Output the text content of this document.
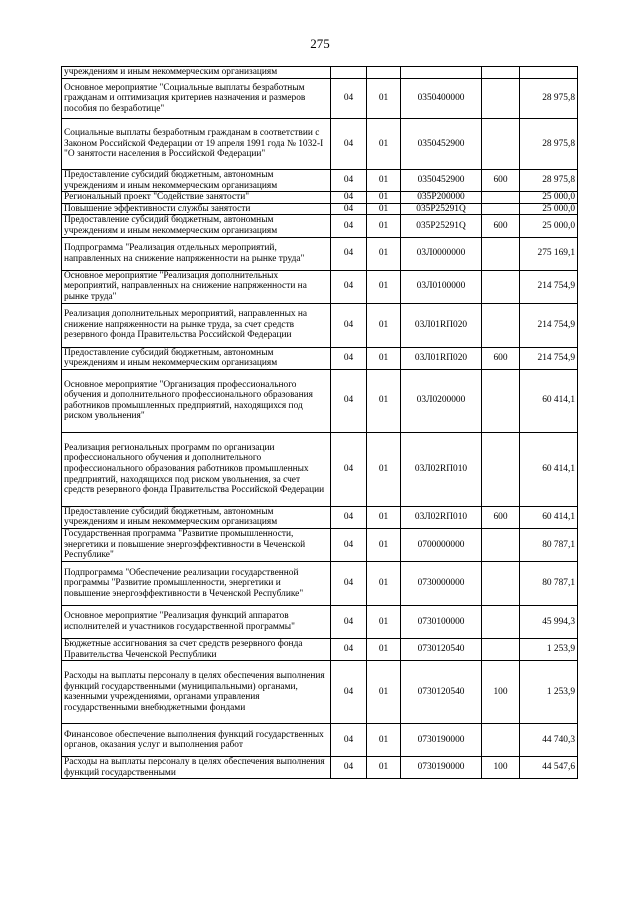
275
учреждениям и иным некоммерческим организациям					
Основное мероприятие "Социальные выплаты безработным гражданам и оптимизация критериев назначения и размеров пособия по безработице"	04	01	0350400000		28 975,8
Социальные выплаты безработным гражданам в соответствии с Законом Российской Федерации от 19 апреля 1991 года № 1032-I "О занятости населения в Российской Федерации"	04	01	0350452900		28 975,8
Предоставление субсидий бюджетным, автономным учреждениям и иным некоммерческим организациям	04	01	0350452900	600	28 975,8
Региональный проект "Содействие занятости"	04	01	035P200000		25 000,0
Повышение эффективности службы занятости	04	01	035P25291Q		25 000,0
Предоставление субсидий бюджетным, автономным учреждениям и иным некоммерческим организациям	04	01	035P25291Q	600	25 000,0
Подпрограмма "Реализация отдельных мероприятий, направленных на снижение напряженности на рынке труда"	04	01	03Л0000000		275 169,1
Основное мероприятие "Реализация дополнительных мероприятий, направленных на снижение напряженности на рынке труда"	04	01	03Л0100000		214 754,9
Реализация дополнительных мероприятий, направленных на снижение напряженности на рынке труда, за счет средств резервного фонда Правительства Российской Федерации	04	01	03Л01RП020		214 754,9
Предоставление субсидий бюджетным, автономным учреждениям и иным некоммерческим организациям	04	01	03Л01RП020	600	214 754,9
Основное мероприятие "Организация профессионального обучения и дополнительного профессионального образования работников промышленных предприятий, находящихся под риском увольнения"	04	01	03Л0200000		60 414,1
Реализация региональных программ по организации профессионального обучения и дополнительного профессионального образования работников промышленных предприятий, находящихся под риском увольнения, за счет средств резервного фонда Правительства Российской Федерации	04	01	03Л02RП010		60 414,1
Предоставление субсидий бюджетным, автономным учреждениям и иным некоммерческим организациям	04	01	03Л02RП010	600	60 414,1
Государственная программа "Развитие промышленности, энергетики и повышение энергоэффективности в Чеченской Республике"	04	01	0700000000		80 787,1
Подпрограмма "Обеспечение реализации государственной программы "Развитие промышленности, энергетики и повышение энергоэффективности в Чеченской Республике"	04	01	0730000000		80 787,1
Основное мероприятие "Реализация функций аппаратов исполнителей и участников государственной программы"	04	01	0730100000		45 994,3
Бюджетные ассигнования за счет средств резервного фонда Правительства Чеченской Республики	04	01	0730120540		1 253,9
Расходы на выплаты персоналу в целях обеспечения выполнения функций государственными (муниципальными) органами, казенными учреждениями, органами управления государственными внебюджетными фондами	04	01	0730120540	100	1 253,9
Финансовое обеспечение выполнения функций государственных органов, оказания услуг и выполнения работ	04	01	0730190000		44 740,3
Расходы на выплаты персоналу в целях обеспечения выполнения функций государственными	04	01	0730190000	100	44 547,6
